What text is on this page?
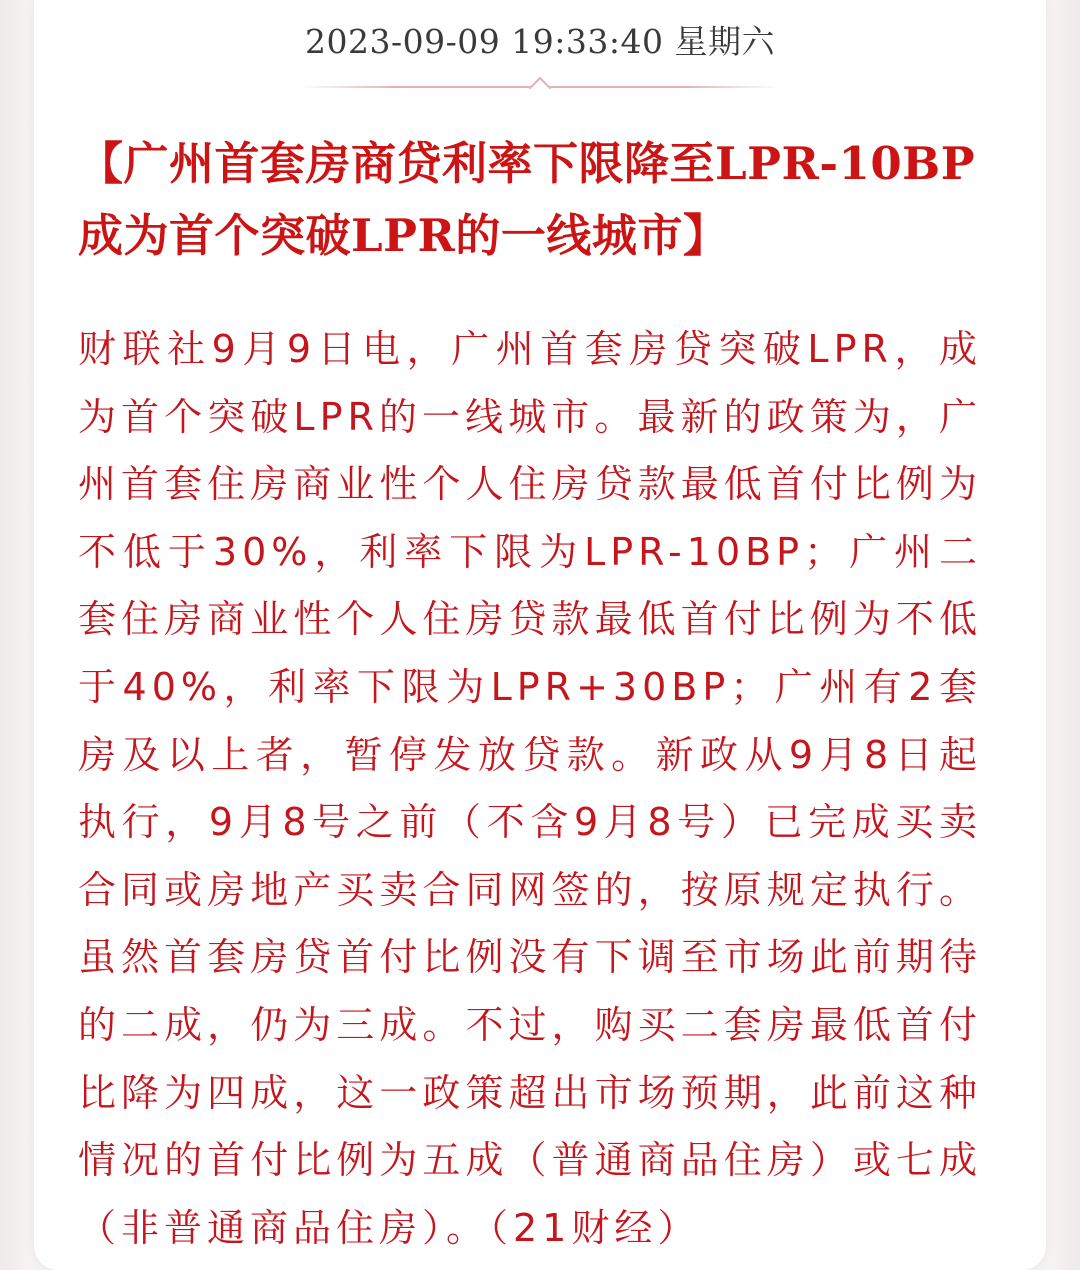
2023-09-09 19:33:40 星期六
【广州首套房商贷利率下限降至LPR-10BP 成为首个突破LPR的一线城市】

财联社9月9日电，广州首套房贷突破LPR，成为首个突破LPR的一线城市。最新的政策为，广州首套住房商业性个人住房贷款最低首付比例为不低于30%，利率下限为LPR-10BP；广州二套住房商业性个人住房贷款最低首付比例为不低于40%，利率下限为LPR+30BP；广州有2套房及以上者，暂停发放贷款。新政从9月8日起执行，9月8号之前（不含9月8号）已完成买卖合同或房地产买卖合同网签的，按原规定执行。虽然首套房贷首付比例没有下调至市场此前期待的二成，仍为三成。不过，购买二套房最低首付比降为四成，这一政策超出市场预期，此前这种情况的首付比例为五成（普通商品住房）或七成（非普通商品住房）。（21财经）
